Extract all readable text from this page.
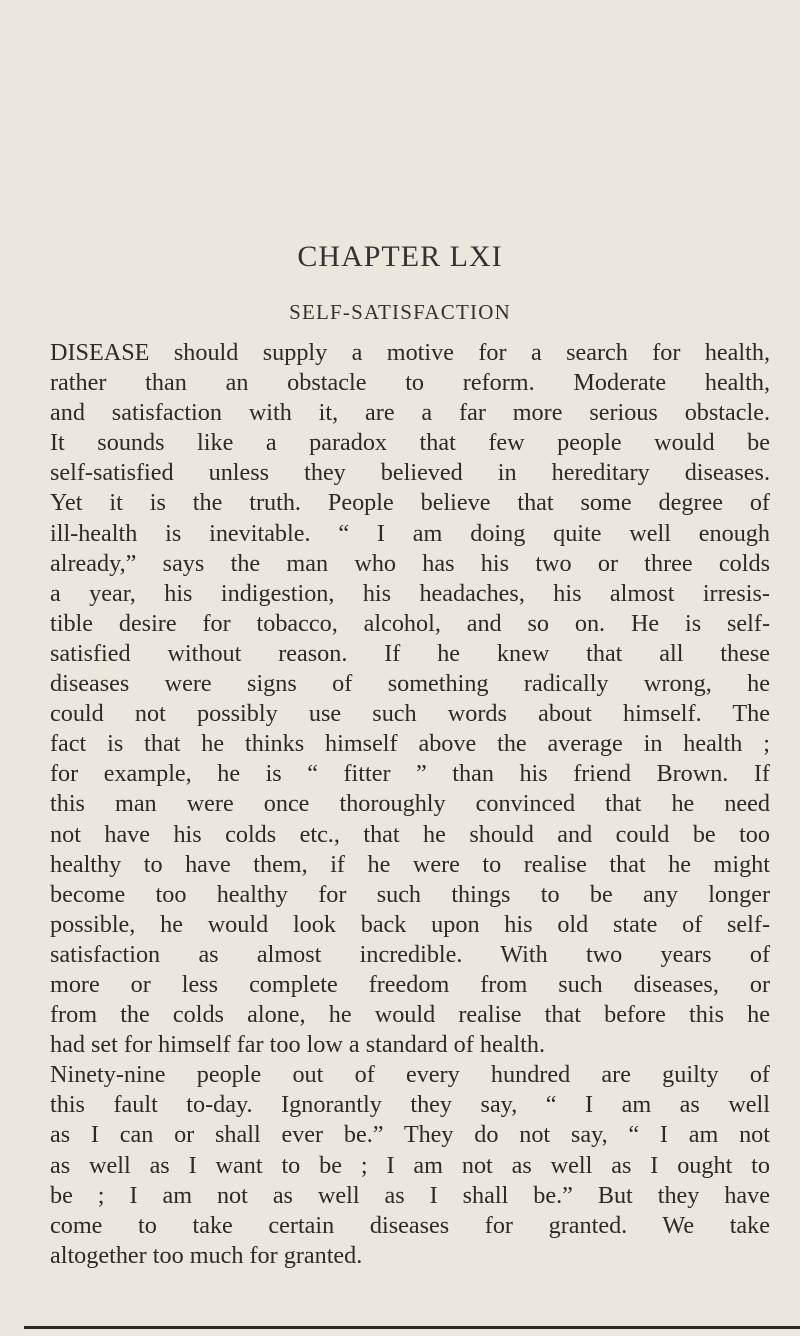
CHAPTER LXI
SELF-SATISFACTION
DISEASE should supply a motive for a search for health,
rather than an obstacle to reform. Moderate health,
and satisfaction with it, are a far more serious obstacle.
It sounds like a paradox that few people would be
self-satisfied unless they believed in hereditary diseases.
Yet it is the truth. People believe that some degree of
ill-health is inevitable. “ I am doing quite well enough
already,” says the man who has his two or three colds
a year, his indigestion, his headaches, his almost irresis-
tible desire for tobacco, alcohol, and so on. He is self-
satisfied without reason. If he knew that all these
diseases were signs of something radically wrong, he
could not possibly use such words about himself. The
fact is that he thinks himself above the average in health ;
for example, he is “ fitter ” than his friend Brown. If
this man were once thoroughly convinced that he need
not have his colds etc., that he should and could be too
healthy to have them, if he were to realise that he might
become too healthy for such things to be any longer
possible, he would look back upon his old state of self-
satisfaction as almost incredible. With two years of
more or less complete freedom from such diseases, or
from the colds alone, he would realise that before this he
had set for himself far too low a standard of health.
Ninety-nine people out of every hundred are guilty of
this fault to-day. Ignorantly they say, “ I am as well
as I can or shall ever be.” They do not say, “ I am not
as well as I want to be ; I am not as well as I ought to
be ; I am not as well as I shall be.” But they have
come to take certain diseases for granted. We take
altogether too much for granted.
